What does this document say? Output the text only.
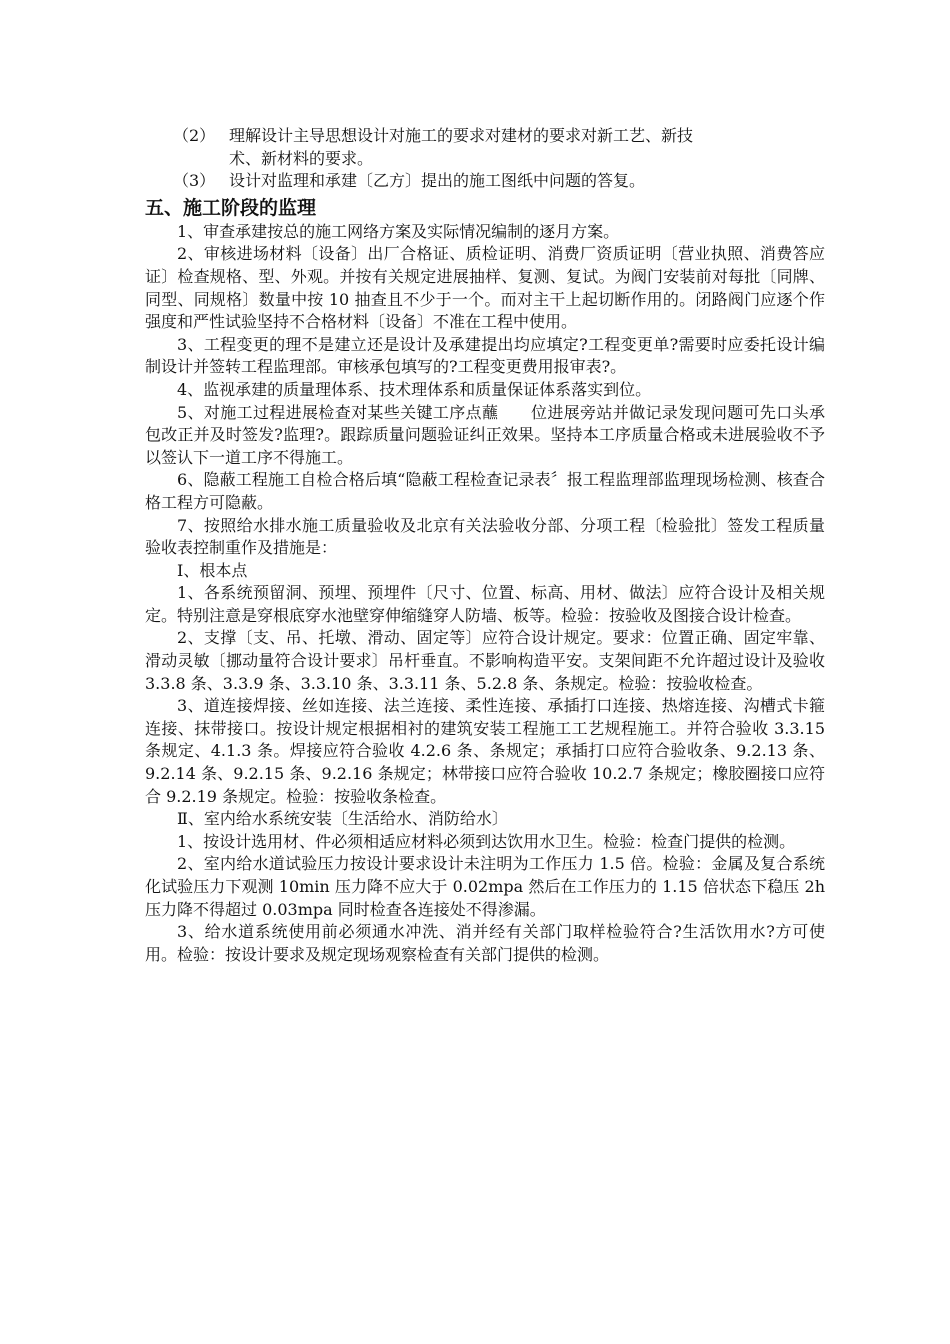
（2） 理解设计主导思想设计对施工的要求对建材的要求对新工艺、新技

术、新材料的要求。

（3） 设计对监理和承建〔乙方〕提出的施工图纸中问题的答复。

五、施工阶段的监理

1、审查承建按总的施工网络方案及实际情况编制的逐月方案。

2、审核进场材料〔设备〕出厂合格证、质检证明、消费厂资质证明〔营业执照、消费答应证〕检查规格、型、外观。并按有关规定进展抽样、复测、复试。为阀门安装前对每批〔同牌、同型、同规格〕数量中按 10 抽查且不少于一个。而对主干上起切断作用的。闭路阀门应逐个作强度和严性试验坚持不合格材料〔设备〕不准在工程中使用。

3、工程变更的理不是建立还是设计及承建提出均应填定?工程变更单?需要时应委托设计编制设计并签转工程监理部。审核承包填写的?工程变更费用报审表?。

4、监视承建的质量理体系、技术理体系和质量保证体系落实到位。

5、对施工过程进展检查对某些关键工序点蘸　　位进展旁站并做记录发现问题可先口头承包改正并及时签发?监理?。跟踪质量问题验证纠正效果。坚持本工序质量合格或未进展验收不予以签认下一道工序不得施工。

6、隐蔽工程施工自检合格后填“隐蔽工程检查记录表〞报工程监理部监理现场检测、核查合格工程方可隐蔽。

7、按照给水排水施工质量验收及北京有关法验收分部、分项工程〔检验批〕签发工程质量验收表控制重作及措施是：

Ⅰ、根本点

1、各系统预留洞、预埋、预埋件〔尺寸、位置、标高、用材、做法〕应符合设计及相关规定。特别注意是穿根底穿水池壁穿伸缩缝穿人防墙、板等。检验：按验收及图接合设计检查。

2、支撑〔支、吊、托墩、滑动、固定等〕应符合设计规定。要求：位置正确、固定牢靠、滑动灵敏〔挪动量符合设计要求〕吊杆垂直。不影响构造平安。支架间距不允许超过设计及验收 3.3.8 条、3.3.9 条、3.3.10 条、3.3.11 条、5.2.8 条、条规定。检验：按验收检查。

3、道连接焊接、丝如连接、法兰连接、柔性连接、承插打口连接、热熔连接、沟槽式卡箍连接、抹带接口。按设计规定根据相衬的建筑安装工程施工工艺规程施工。并符合验收 3.3.15 条规定、4.1.3 条。焊接应符合验收 4.2.6 条、条规定；承插打口应符合验收条、9.2.13 条、9.2.14 条、9.2.15 条、9.2.16 条规定；林带接口应符合验收 10.2.7 条规定；橡胶圈接口应符合 9.2.19 条规定。检验：按验收条检查。

Ⅱ、室内给水系统安装〔生活给水、消防给水〕

1、按设计选用材、件必须相适应材料必须到达饮用水卫生。检验：检查门提供的检测。

2、室内给水道试验压力按设计要求设计未注明为工作压力 1.5 倍。检验：金属及复合系统化试验压力下观测 10min 压力降不应大于 0.02mpa 然后在工作压力的 1.15 倍状态下稳压 2h 压力降不得超过 0.03mpa 同时检查各连接处不得渗漏。

3、给水道系统使用前必须通水冲洗、消并经有关部门取样检验符合?生活饮用水?方可使用。检验：按设计要求及规定现场观察检查有关部门提供的检测。
